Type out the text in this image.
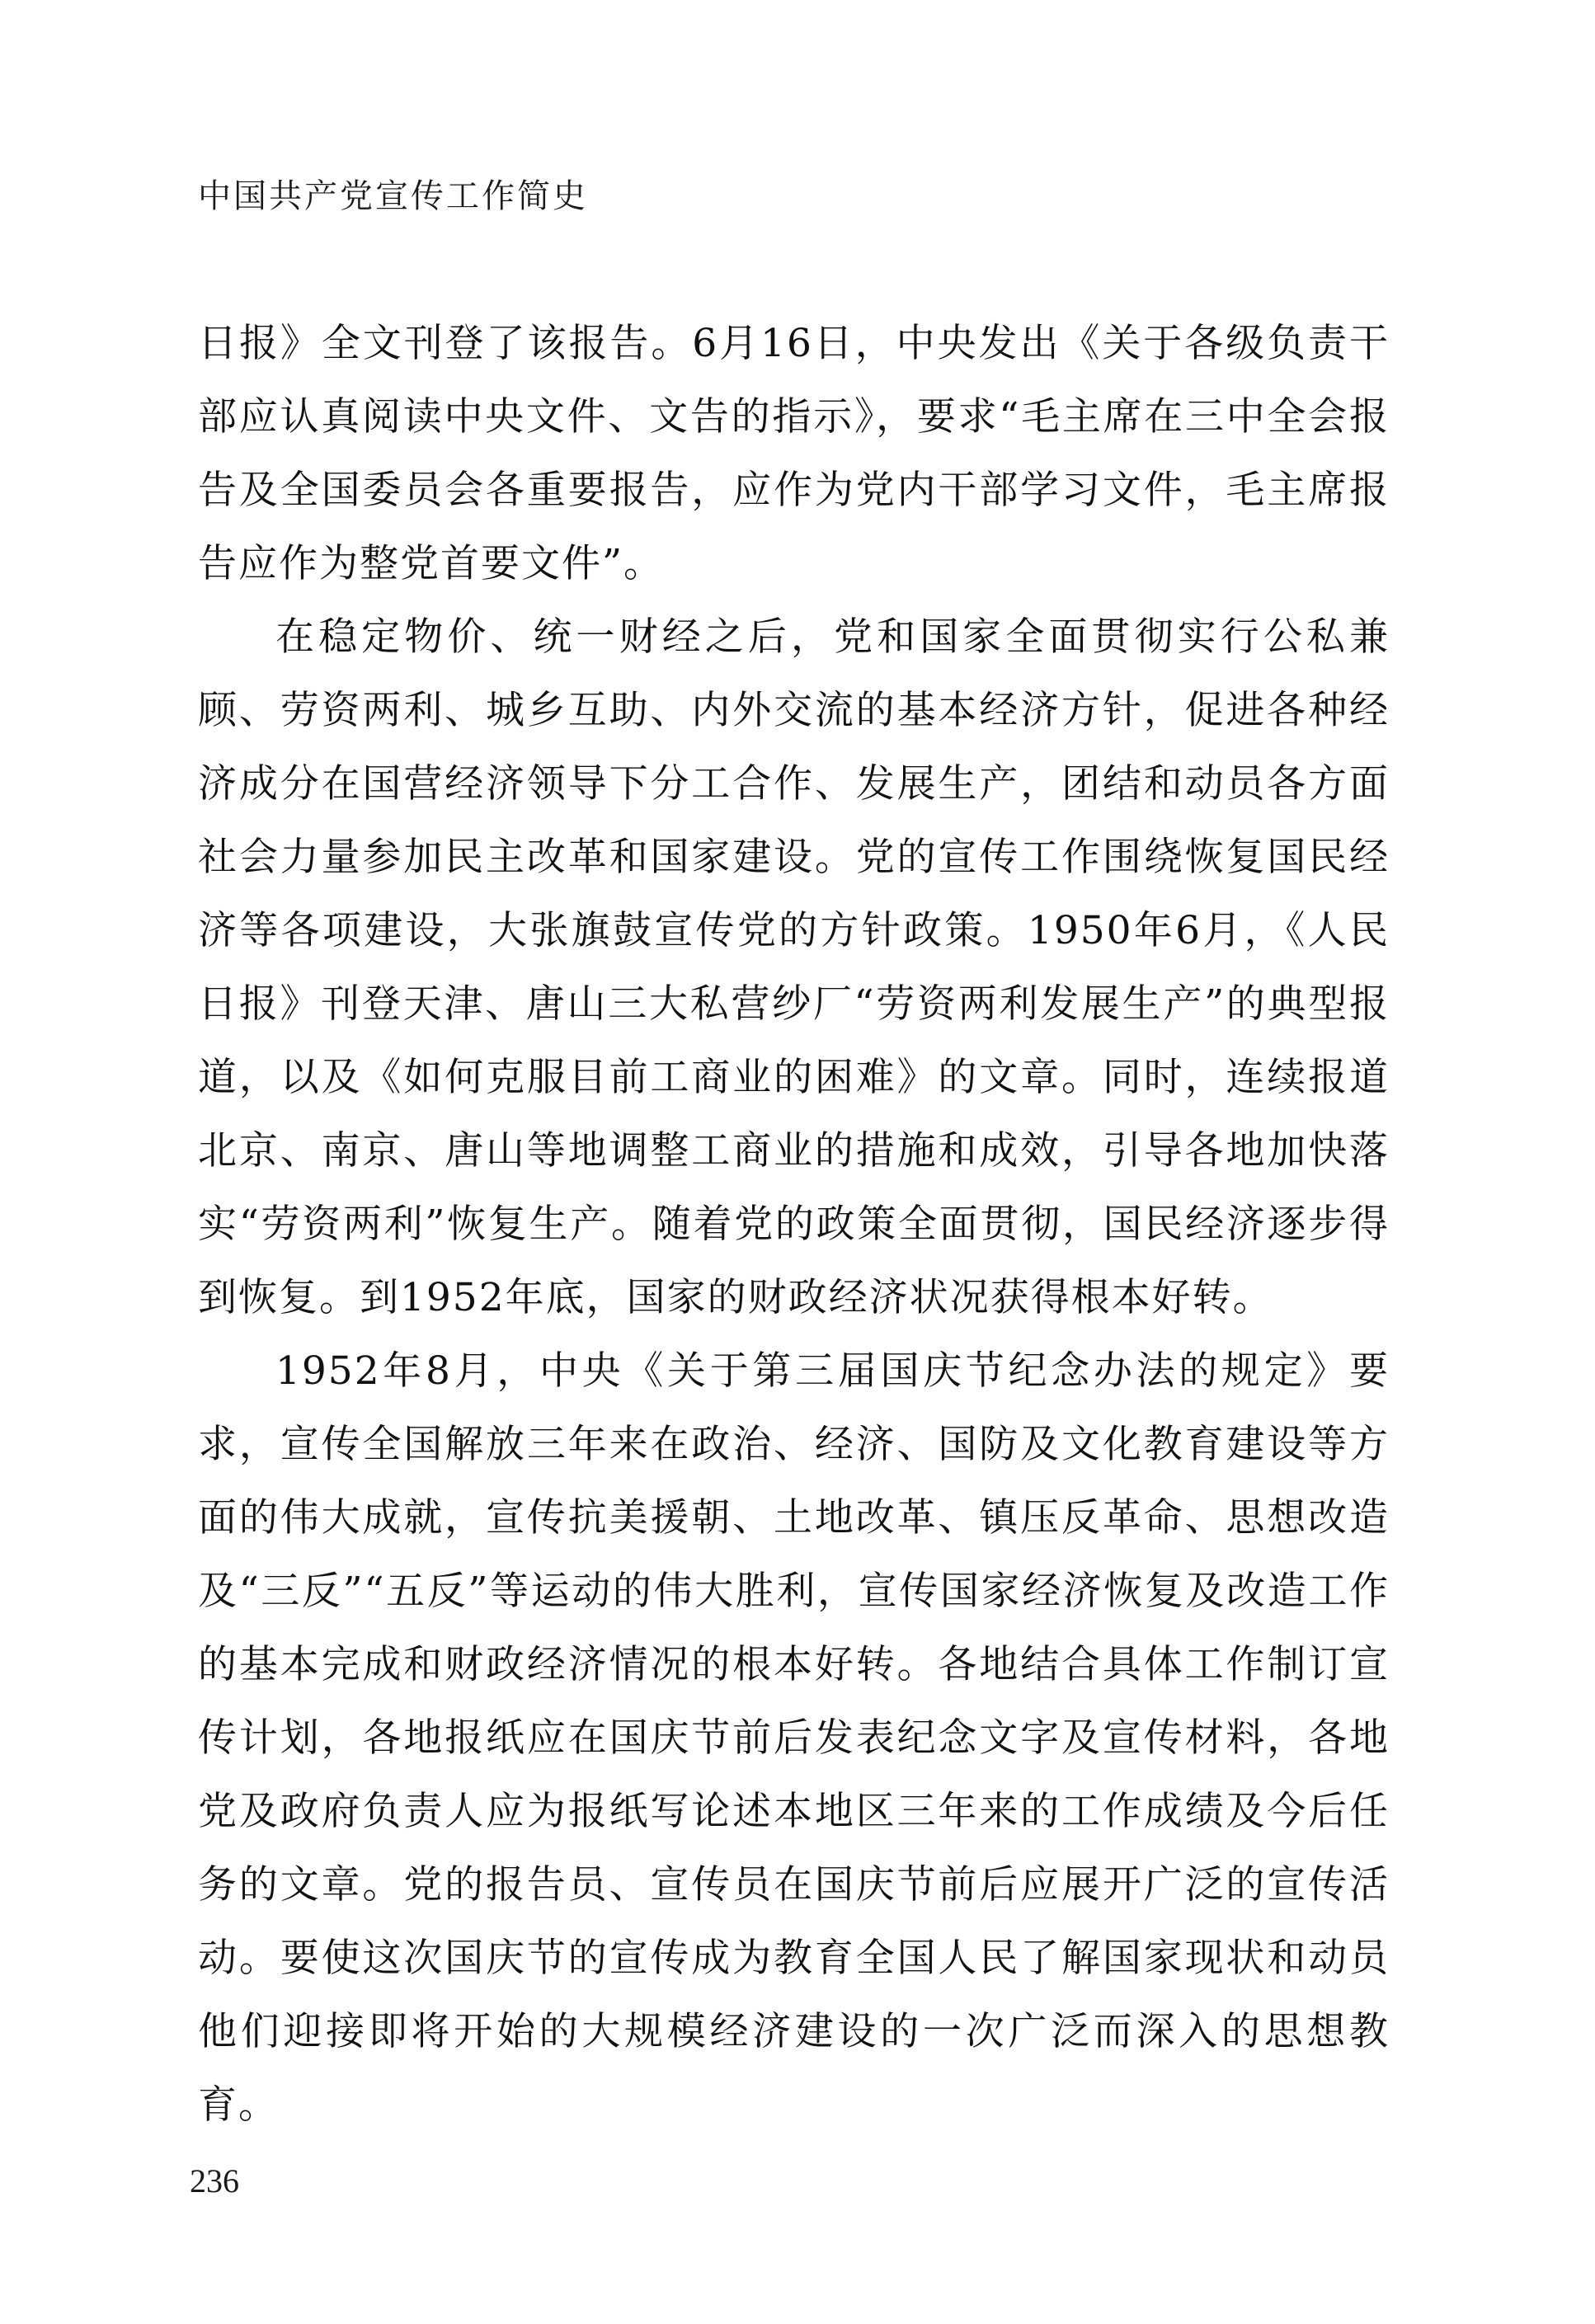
中国共产党宣传工作简史

日报》全文刊登了该报告。6月16日，中央发出《关于各级负责干部应认真阅读中央文件、文告的指示》，要求“毛主席在三中全会报告及全国委员会各重要报告，应作为党内干部学习文件，毛主席报告应作为整党首要文件”。

在稳定物价、统一财经之后，党和国家全面贯彻实行公私兼顾、劳资两利、城乡互助、内外交流的基本经济方针，促进各种经济成分在国营经济领导下分工合作、发展生产，团结和动员各方面社会力量参加民主改革和国家建设。党的宣传工作围绕恢复国民经济等各项建设，大张旗鼓宣传党的方针政策。1950年6月，《人民日报》刊登天津、唐山三大私营纱厂“劳资两利发展生产”的典型报道，以及《如何克服目前工商业的困难》的文章。同时，连续报道北京、南京、唐山等地调整工商业的措施和成效，引导各地加快落实“劳资两利”恢复生产。随着党的政策全面贯彻，国民经济逐步得到恢复。到1952年底，国家的财政经济状况获得根本好转。

1952年8月，中央《关于第三届国庆节纪念办法的规定》要求，宣传全国解放三年来在政治、经济、国防及文化教育建设等方面的伟大成就，宣传抗美援朝、土地改革、镇压反革命、思想改造及“三反”“五反”等运动的伟大胜利，宣传国家经济恢复及改造工作的基本完成和财政经济情况的根本好转。各地结合具体工作制订宣传计划，各地报纸应在国庆节前后发表纪念文字及宣传材料，各地党及政府负责人应为报纸写论述本地区三年来的工作成绩及今后任务的文章。党的报告员、宣传员在国庆节前后应展开广泛的宣传活动。要使这次国庆节的宣传成为教育全国人民了解国家现状和动员他们迎接即将开始的大规模经济建设的一次广泛而深入的思想教育。

236
